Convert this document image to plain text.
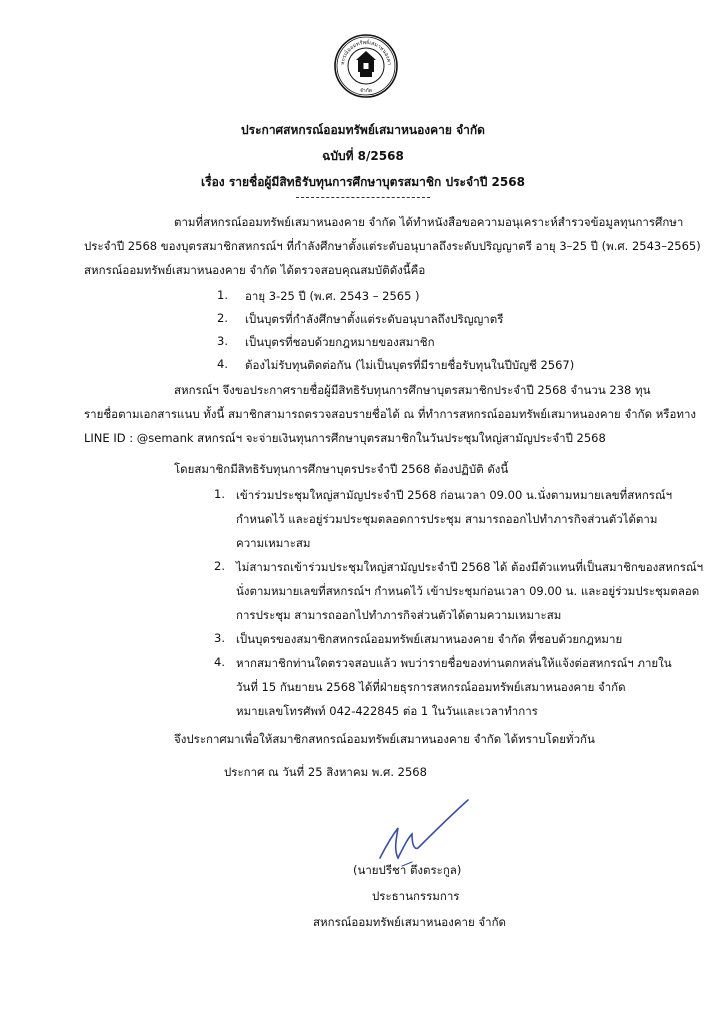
หกรณ์ออมทรัพย์เสมาหนองคา
จำกัด
ประกาศสหกรณ์ออมทรัพย์เสมาหนองคาย จำกัด
ฉบับที่ 8/2568
เรื่อง รายชื่อผู้มีสิทธิรับทุนการศึกษาบุตรสมาชิก ประจำปี 2568
ตามที่สหกรณ์ออมทรัพย์เสมาหนองคาย จำกัด ได้ทำหนังสือขอความอนุเคราะห์สำรวจข้อมูลทุนการศึกษา
ประจำปี 2568 ของบุตรสมาชิกสหกรณ์ฯ ที่กำลังศึกษาตั้งแต่ระดับอนุบาลถึงระดับปริญญาตรี อายุ 3–25 ปี (พ.ศ. 2543–2565)
สหกรณ์ออมทรัพย์เสมาหนองคาย จำกัด ได้ตรวจสอบคุณสมบัติดังนี้คือ
1. อายุ 3-25 ปี (พ.ศ. 2543 – 2565 )
2. เป็นบุตรที่กำลังศึกษาตั้งแต่ระดับอนุบาลถึงปริญญาตรี
3. เป็นบุตรที่ชอบด้วยกฎหมายของสมาชิก
4. ต้องไม่รับทุนติดต่อกัน (ไม่เป็นบุตรที่มีรายชื่อรับทุนในปีบัญชี 2567)
สหกรณ์ฯ จึงขอประกาศรายชื่อผู้มีสิทธิรับทุนการศึกษาบุตรสมาชิกประจำปี 2568 จำนวน 238 ทุน
รายชื่อตามเอกสารแนบ ทั้งนี้ สมาชิกสามารถตรวจสอบรายชื่อได้ ณ ที่ทำการสหกรณ์ออมทรัพย์เสมาหนองคาย จำกัด หรือทาง
LINE ID : @semank สหกรณ์ฯ จะจ่ายเงินทุนการศึกษาบุตรสมาชิกในวันประชุมใหญ่สามัญประจำปี 2568
โดยสมาชิกมีสิทธิรับทุนการศึกษาบุตรประจำปี 2568 ต้องปฏิบัติ ดังนี้
1. เข้าร่วมประชุมใหญ่สามัญประจำปี 2568 ก่อนเวลา 09.00 น.นั่งตามหมายเลขที่สหกรณ์ฯ
กำหนดไว้ และอยู่ร่วมประชุมตลอดการประชุม สามารถออกไปทำภารกิจส่วนตัวได้ตาม
ความเหมาะสม
2. ไม่สามารถเข้าร่วมประชุมใหญ่สามัญประจำปี 2568 ได้ ต้องมีตัวแทนที่เป็นสมาชิกของสหกรณ์ฯ
นั่งตามหมายเลขที่สหกรณ์ฯ กำหนดไว้ เข้าประชุมก่อนเวลา 09.00 น. และอยู่ร่วมประชุมตลอด
การประชุม สามารถออกไปทำภารกิจส่วนตัวได้ตามความเหมาะสม
3. เป็นบุตรของสมาชิกสหกรณ์ออมทรัพย์เสมาหนองคาย จำกัด ที่ชอบด้วยกฎหมาย
4. หากสมาชิกท่านใดตรวจสอบแล้ว พบว่ารายชื่อของท่านตกหล่นให้แจ้งต่อสหกรณ์ฯ ภายใน
วันที่ 15 กันยายน 2568 ได้ที่ฝ่ายธุรการสหกรณ์ออมทรัพย์เสมาหนองคาย จำกัด
หมายเลขโทรศัพท์ 042-422845 ต่อ 1 ในวันและเวลาทำการ
จึงประกาศมาเพื่อให้สมาชิกสหกรณ์ออมทรัพย์เสมาหนองคาย จำกัด ได้ทราบโดยทั่วกัน
ประกาศ ณ วันที่ 25 สิงหาคม พ.ศ. 2568
(นายปรีชา ตึงตระกูล)
ประธานกรรมการ
สหกรณ์ออมทรัพย์เสมาหนองคาย จำกัด
